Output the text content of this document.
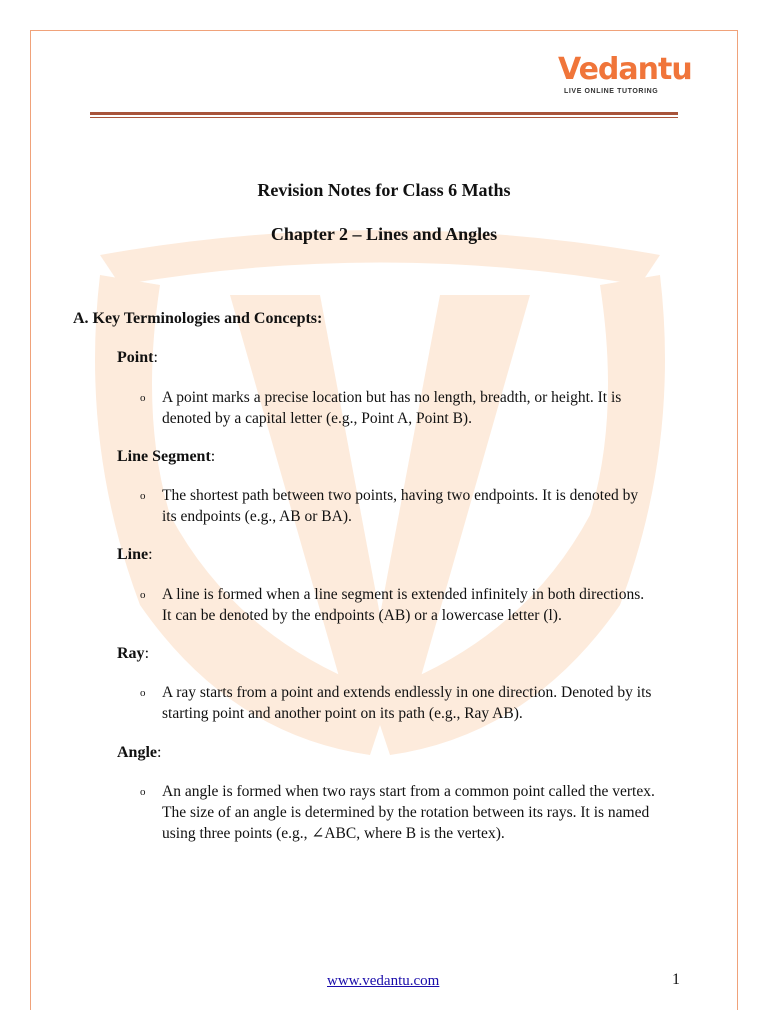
Vedantu
LIVE ONLINE TUTORING
Revision Notes for Class 6 Maths
Chapter 2 – Lines and Angles
A. Key Terminologies and Concepts:
Point:
o A point marks a precise location but has no length, breadth, or height. It is
denoted by a capital letter (e.g., Point A, Point B).
Line Segment:
o The shortest path between two points, having two endpoints. It is denoted by
its endpoints (e.g., AB or BA).
Line:
o A line is formed when a line segment is extended infinitely in both directions.
It can be denoted by the endpoints (AB) or a lowercase letter (l).
Ray:
o A ray starts from a point and extends endlessly in one direction. Denoted by its
starting point and another point on its path (e.g., Ray AB).
Angle:
o An angle is formed when two rays start from a common point called the vertex.
The size of an angle is determined by the rotation between its rays. It is named
using three points (e.g., ∠ABC, where B is the vertex).
www.vedantu.com	1
